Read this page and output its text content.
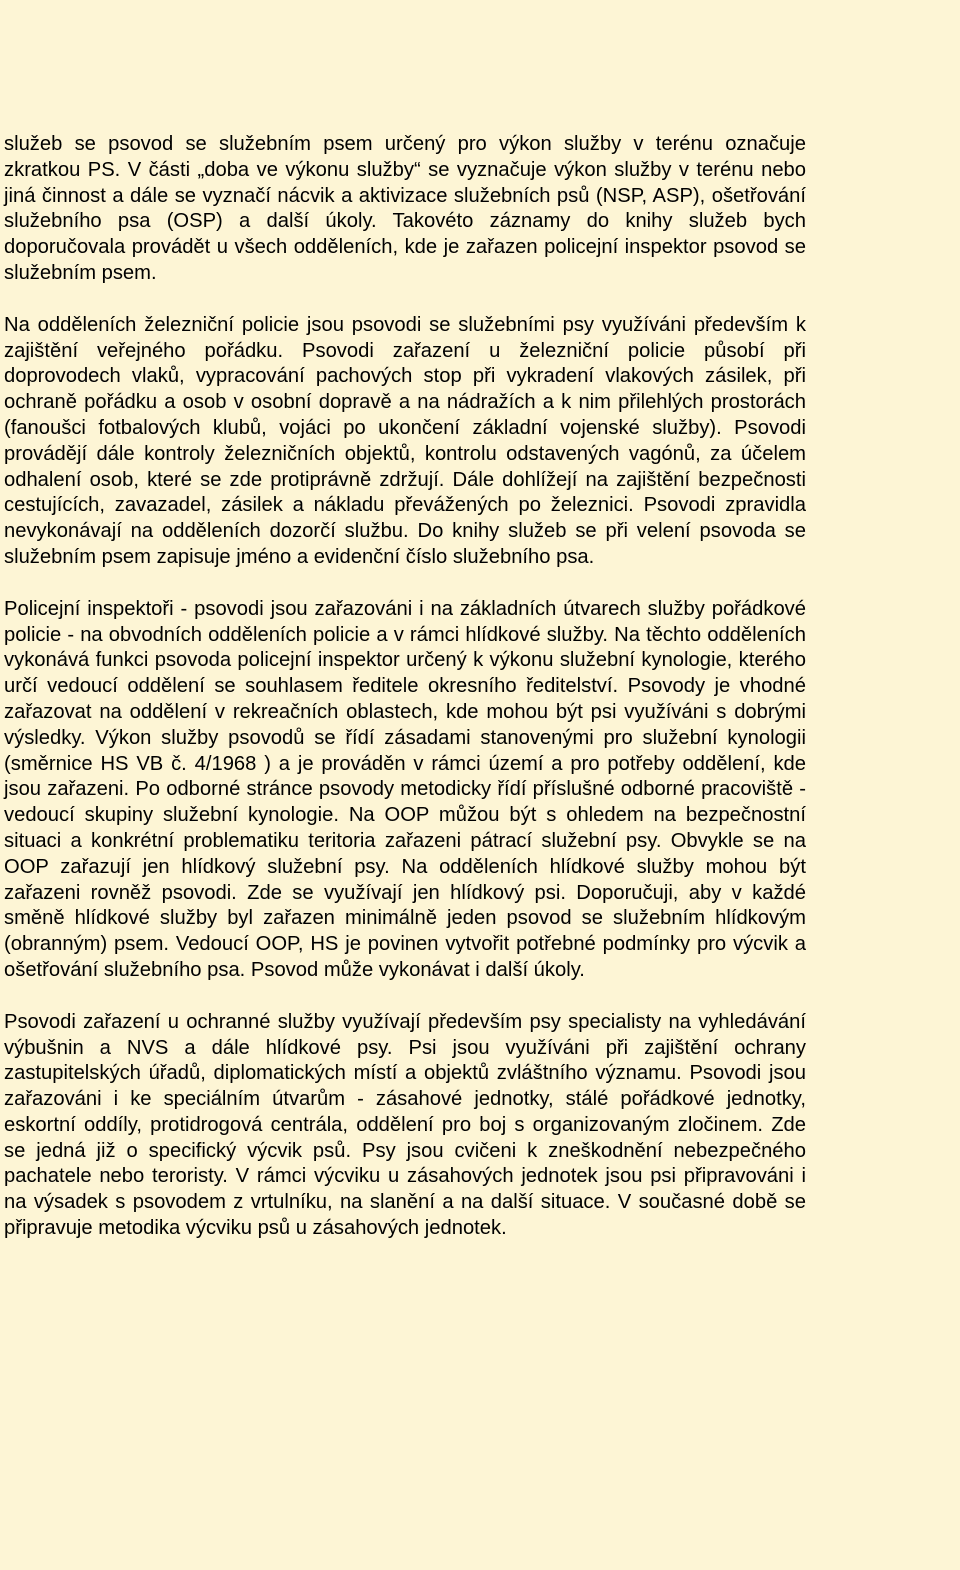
služeb se psovod se služebním psem určený pro výkon služby v terénu označuje zkratkou PS. V části „doba ve výkonu služby“ se vyznačuje výkon služby v terénu nebo jiná činnost a dále se vyznačí nácvik a aktivizace služebních psů (NSP, ASP), ošetřování služebního psa (OSP) a další úkoly. Takovéto záznamy do knihy služeb bych doporučovala provádět u všech odděleních, kde je zařazen policejní inspektor psovod se služebním psem.

Na odděleních železniční policie jsou psovodi se služebními psy využíváni především k zajištění veřejného pořádku. Psovodi zařazení u železniční policie působí při doprovodech vlaků, vypracování pachových stop při vykradení vlakových zásilek, při ochraně pořádku a osob v osobní dopravě a na nádražích a k nim přilehlých prostorách (fanoušci fotbalových klubů, vojáci po ukončení základní vojenské služby). Psovodi provádějí dále kontroly železničních objektů, kontrolu odstavených vagónů, za účelem odhalení osob, které se zde protiprávně zdržují. Dále dohlížejí na zajištění bezpečnosti cestujících, zavazadel, zásilek a nákladu převážených po železnici. Psovodi zpravidla nevykonávají na odděleních dozorčí službu. Do knihy služeb se při velení psovoda se služebním psem zapisuje jméno a evidenční číslo služebního psa.

Policejní inspektoři - psovodi jsou zařazováni i na základních útvarech služby pořádkové policie - na obvodních odděleních policie a v rámci hlídkové služby. Na těchto odděleních vykonává funkci psovoda policejní inspektor určený k výkonu služební kynologie, kterého určí vedoucí oddělení se souhlasem ředitele okresního ředitelství. Psovody je vhodné zařazovat na oddělení v rekreačních oblastech, kde mohou být psi využíváni s dobrými výsledky. Výkon služby psovodů se řídí zásadami stanovenými pro služební kynologii (směrnice HS VB č. 4/1968 ) a je prováděn v rámci území a pro potřeby oddělení, kde jsou zařazeni. Po odborné stránce psovody metodicky řídí příslušné odborné pracoviště - vedoucí skupiny služební kynologie. Na OOP můžou být s ohledem na bezpečnostní situaci a konkrétní problematiku teritoria zařazeni pátrací služební psy. Obvykle se na OOP zařazují jen hlídkový služební psy. Na odděleních hlídkové služby mohou být zařazeni rovněž psovodi. Zde se využívají jen hlídkový psi. Doporučuji, aby v každé směně hlídkové služby byl zařazen minimálně jeden psovod se služebním hlídkovým (obranným) psem. Vedoucí OOP, HS je povinen vytvořit potřebné podmínky pro výcvik a ošetřování služebního psa. Psovod může vykonávat i další úkoly.

Psovodi zařazení u ochranné služby využívají především psy specialisty na vyhledávání výbušnin a NVS a dále hlídkové psy. Psi jsou využíváni při zajištění ochrany zastupitelských úřadů, diplomatických místí a objektů zvláštního významu. Psovodi jsou zařazováni i ke speciálním útvarům - zásahové jednotky, stálé pořádkové jednotky, eskortní oddíly, protidrogová centrála, oddělení pro boj s organizovaným zločinem. Zde se jedná již o specifický výcvik psů. Psy jsou cvičeni k zneškodnění nebezpečného pachatele nebo teroristy. V rámci výcviku u zásahových jednotek jsou psi připravováni i na výsadek s psovodem z vrtulníku, na slanění a na další situace. V současné době se připravuje metodika výcviku psů u zásahových jednotek.
